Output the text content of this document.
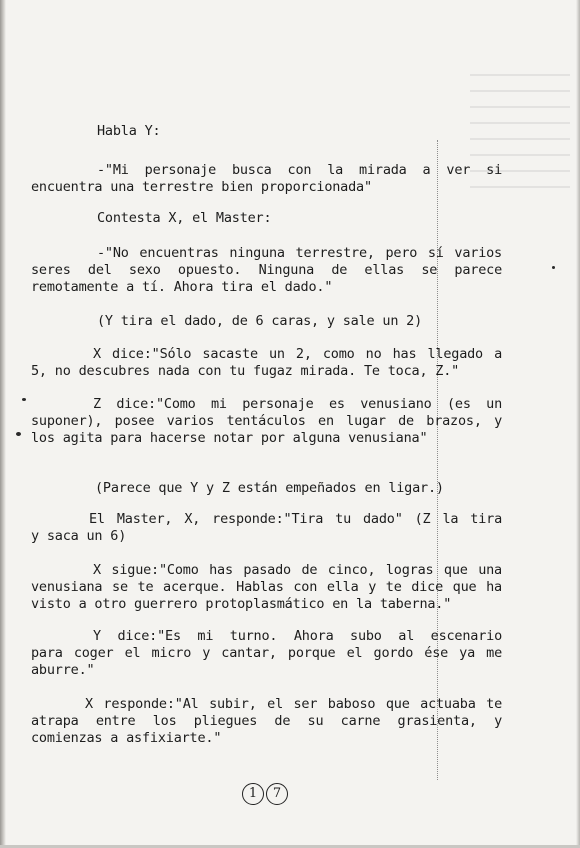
Habla Y:
-"Mi personaje busca con la mirada a ver si
encuentra una terrestre bien proporcionada"
Contesta X, el Master:
-"No encuentras ninguna terrestre, pero sí varios
seres del sexo opuesto. Ninguna de ellas se parece
remotamente a tí. Ahora tira el dado."
(Y tira el dado, de 6 caras, y sale un 2)
X dice:"Sólo sacaste un 2, como no has llegado a
5, no descubres nada con tu fugaz mirada. Te toca, Z."
Z dice:"Como mi personaje es venusiano (es un
suponer), posee varios tentáculos en lugar de brazos, y
los agita para hacerse notar por alguna venusiana"
(Parece que Y y Z están empeñados en ligar.)
El Master, X, responde:"Tira tu dado" (Z la tira
y saca un 6)
X sigue:"Como has pasado de cinco, logras que una
venusiana se te acerque. Hablas con ella y te dice que ha
visto a otro guerrero protoplasmático en la taberna."
Y dice:"Es mi turno. Ahora subo al escenario
para coger el micro y cantar, porque el gordo ése ya me
aburre."
X responde:"Al subir, el ser baboso que actuaba te
atrapa entre los pliegues de su carne grasienta, y
comienzas a asfixiarte."
1	7
